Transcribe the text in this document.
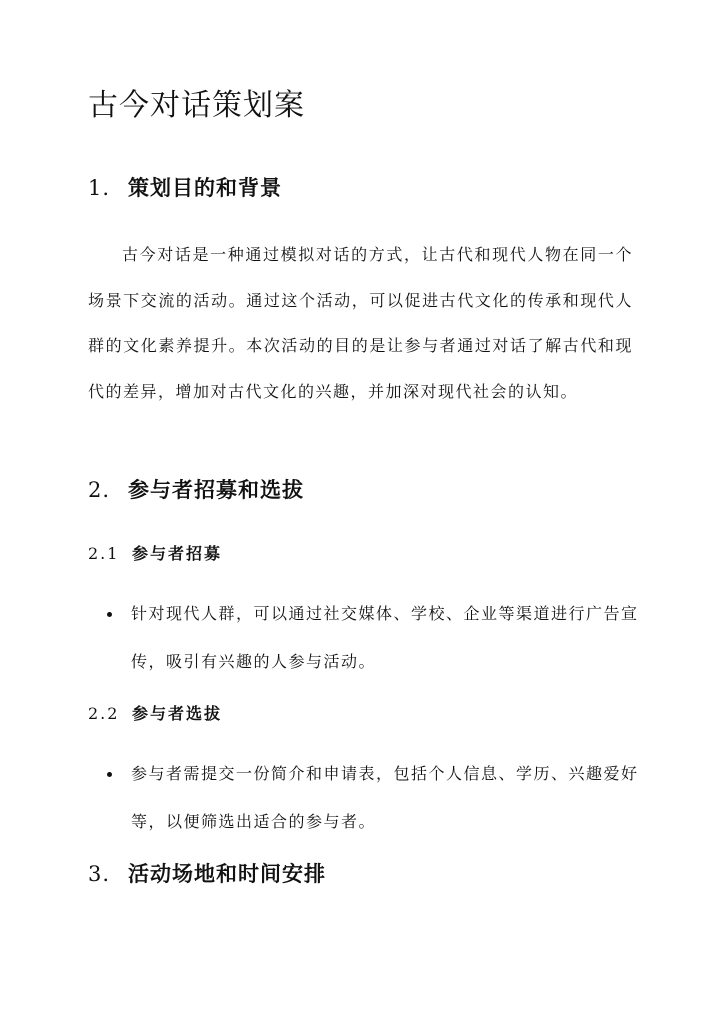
古今对话策划案
1. 策划目的和背景

古今对话是一种通过模拟对话的方式，让古代和现代人物在同一个场景下交流的活动。通过这个活动，可以促进古代文化的传承和现代人群的文化素养提升。本次活动的目的是让参与者通过对话了解古代和现代的差异，增加对古代文化的兴趣，并加深对现代社会的认知。

2. 参与者招募和选拔
2.1 参与者招募
针对现代人群，可以通过社交媒体、学校、企业等渠道进行广告宣传，吸引有兴趣的人参与活动。
2.2 参与者选拔
参与者需提交一份简介和申请表，包括个人信息、学历、兴趣爱好等，以便筛选出适合的参与者。
3. 活动场地和时间安排
